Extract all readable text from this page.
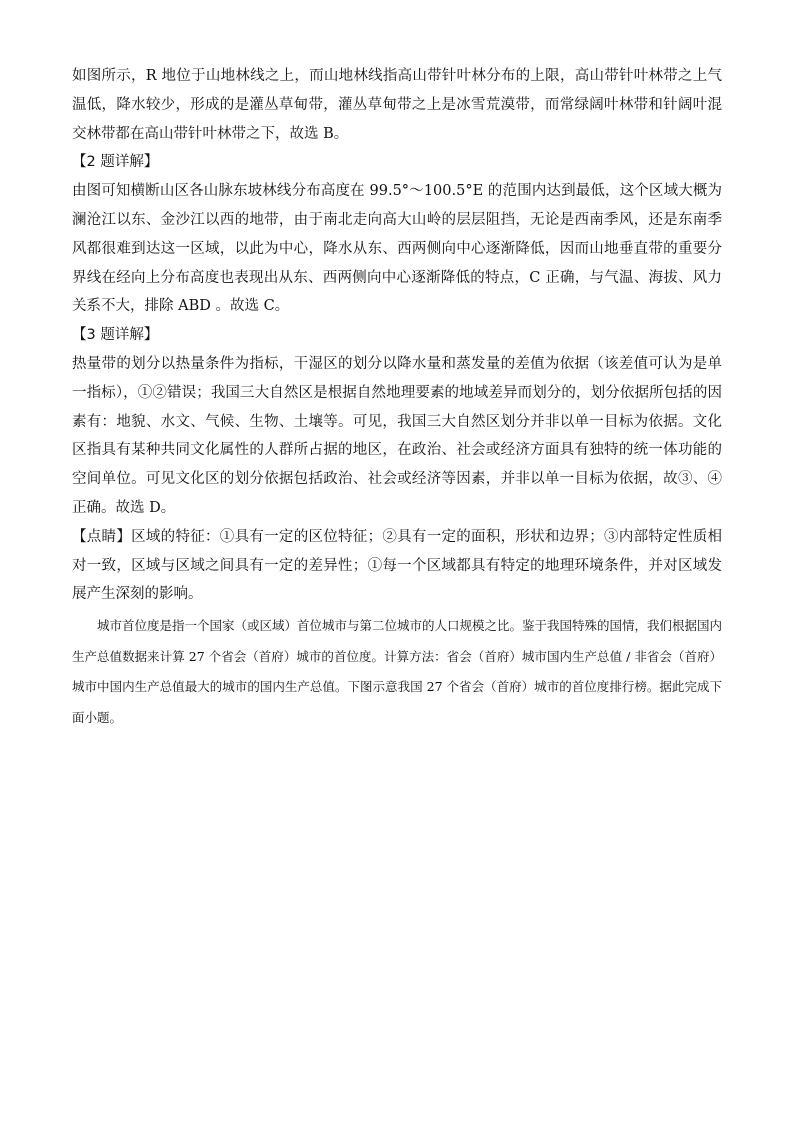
如图所示，R 地位于山地林线之上，而山地林线指高山带针叶林分布的上限，高山带针叶林带之上气温低，降水较少，形成的是灌丛草甸带，灌丛草甸带之上是冰雪荒漠带，而常绿阔叶林带和针阔叶混交林带都在高山带针叶林带之下，故选 B。

【2 题详解】

由图可知横断山区各山脉东坡林线分布高度在 99.5°～100.5°E 的范围内达到最低，这个区域大概为澜沧江以东、金沙江以西的地带，由于南北走向高大山岭的层层阻挡，无论是西南季风，还是东南季风都很难到达这一区域，以此为中心，降水从东、西两侧向中心逐渐降低，因而山地垂直带的重要分界线在经向上分布高度也表现出从东、西两侧向中心逐渐降低的特点，C 正确，与气温、海拔、风力关系不大，排除 ABD 。故选 C。

【3 题详解】

热量带的划分以热量条件为指标，干湿区的划分以降水量和蒸发量的差值为依据（该差值可认为是单一指标），①②错误；我国三大自然区是根据自然地理要素的地域差异而划分的，划分依据所包括的因素有：地貌、水文、气候、生物、土壤等。可见，我国三大自然区划分并非以单一目标为依据。文化区指具有某种共同文化属性的人群所占据的地区，在政治、社会或经济方面具有独特的统一体功能的空间单位。可见文化区的划分依据包括政治、社会或经济等因素，并非以单一目标为依据，故③、④正确。故选 D。

【点睛】区域的特征：①具有一定的区位特征；②具有一定的面积，形状和边界；③内部特定性质相对一致，区域与区域之间具有一定的差异性；①每一个区域都具有特定的地理环境条件，并对区域发展产生深刻的影响。

城市首位度是指一个国家（或区域）首位城市与第二位城市的人口规模之比。鉴于我国特殊的国情，我们根据国内生产总值数据来计算 27 个省会（首府）城市的首位度。计算方法：省会（首府）城市国内生产总值 / 非省会（首府）城市中国内生产总值最大的城市的国内生产总值。下图示意我国 27 个省会（首府）城市的首位度排行榜。据此完成下面小题。
